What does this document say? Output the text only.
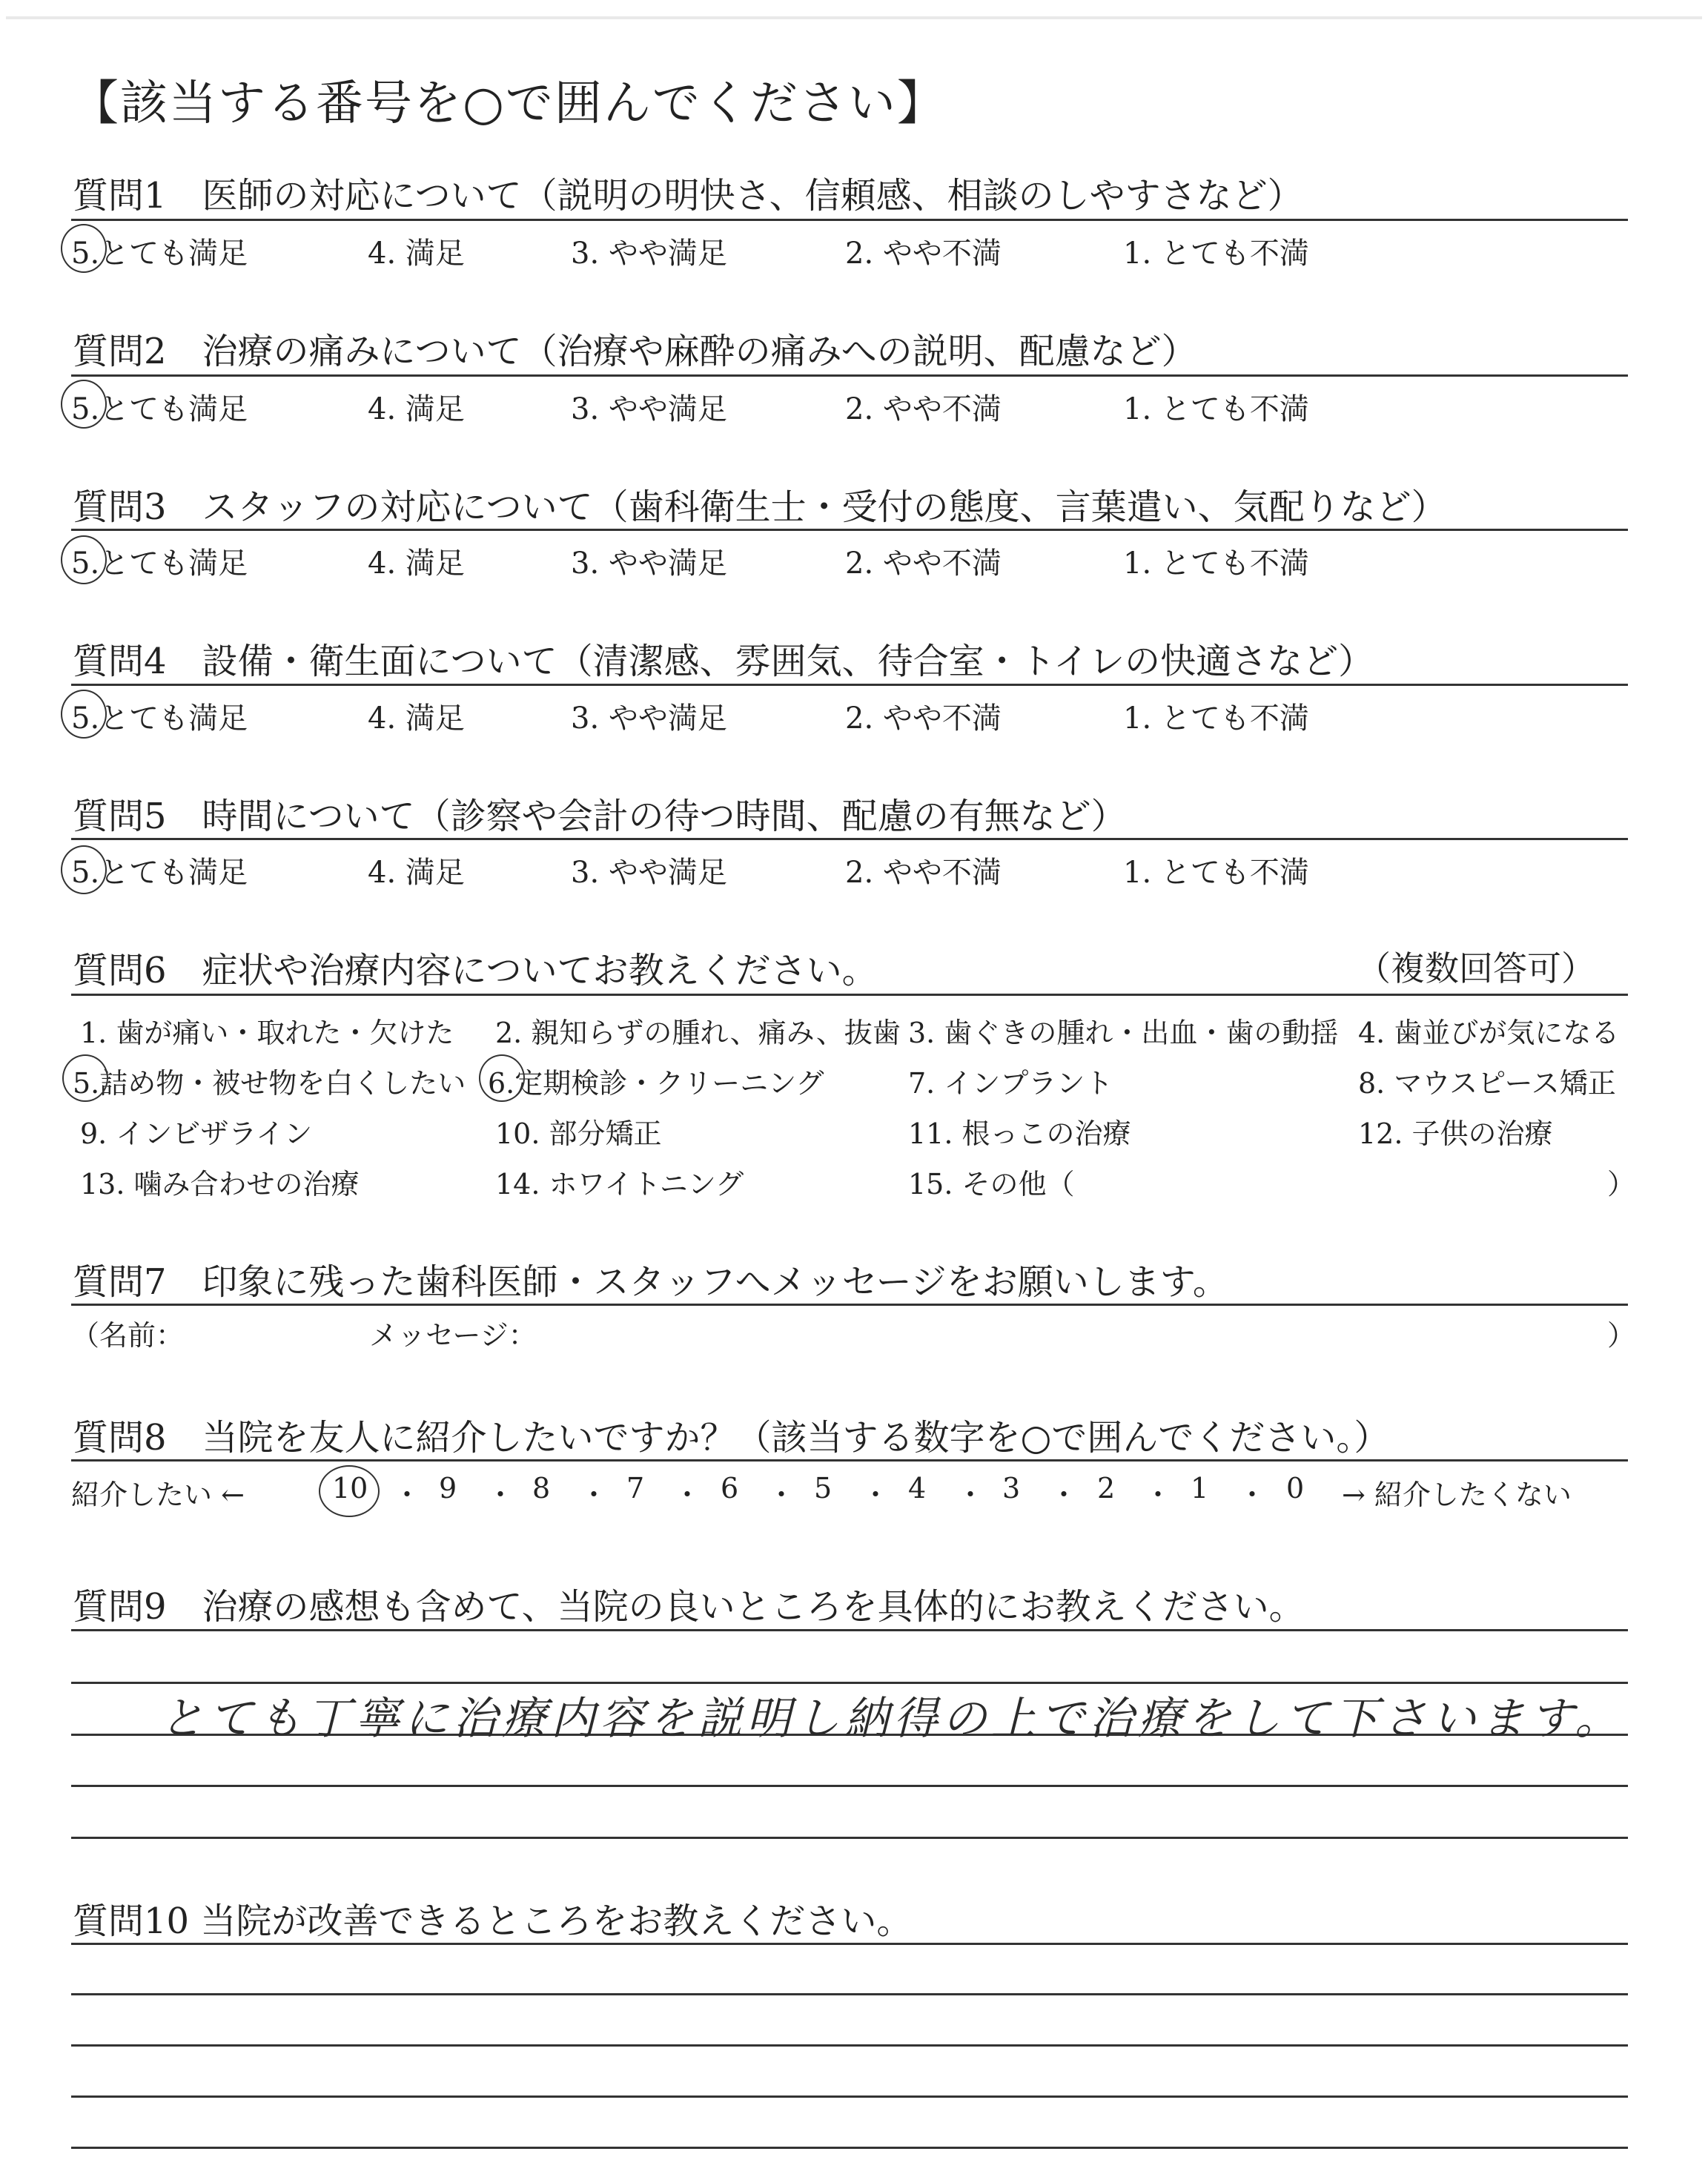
【該当する番号を○で囲んでください】
質問1　医師の対応について（説明の明快さ、信頼感、相談のしやすさなど）
5.とても満足	4. 満足	3. やや満足	2. やや不満	1. とても不満
質問2　治療の痛みについて（治療や麻酔の痛みへの説明、配慮など）
5.とても満足	4. 満足	3. やや満足	2. やや不満	1. とても不満
質問3　スタッフの対応について（歯科衛生士・受付の態度、言葉遣い、気配りなど）
5.とても満足	4. 満足	3. やや満足	2. やや不満	1. とても不満
質問4　設備・衛生面について（清潔感、雰囲気、待合室・トイレの快適さなど）
5.とても満足	4. 満足	3. やや満足	2. やや不満	1. とても不満
質問5　時間について（診察や会計の待つ時間、配慮の有無など）
5.とても満足	4. 満足	3. やや満足	2. やや不満	1. とても不満
質問6　症状や治療内容についてお教えください。	（複数回答可）
1. 歯が痛い・取れた・欠けた 2. 親知らずの腫れ、痛み、抜歯 3. 歯ぐきの腫れ・出血・歯の動揺 4. 歯並びが気になる
5.詰め物・被せ物を白くしたい 6.定期検診・クリーニング	7. インプラント	8. マウスピース矯正
9. インビザライン	10. 部分矯正	11. 根っこの治療	12. 子供の治療
13. 噛み合わせの治療	14. ホワイトニング	15. その他（	）
質問7　印象に残った歯科医師・スタッフへメッセージをお願いします。
（名前：	メッセージ：	）
質問8　当院を友人に紹介したいですか？（該当する数字を○で囲んでください。）
紹介したい ←	→ 紹介したくない
10 ・ 9 ・ 8 ・ 7 ・ 6 ・ 5 ・ 4 ・ 3 ・ 2 ・ 1 ・ 0
質問9　治療の感想も含めて、当院の良いところを具体的にお教えください。
とても丁寧に治療内容を説明し納得の上で治療をして下さいます。
質問10 当院が改善できるところをお教えください。
